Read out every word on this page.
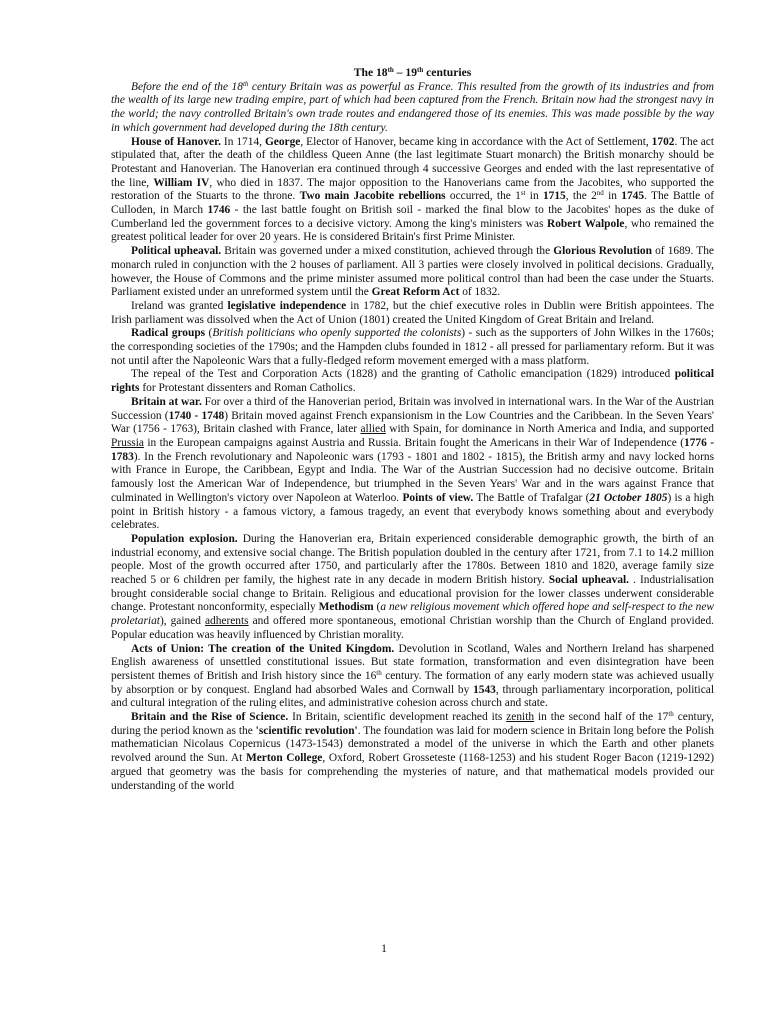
The 18th – 19th centuries

Before the end of the 18th century Britain was as powerful as France. This resulted from the growth of its industries and from the wealth of its large new trading empire, part of which had been captured from the French. Britain now had the strongest navy in the world; the navy controlled Britain's own trade routes and endangered those of its enemies. This was made possible by the way in which government had developed during the 18th century.

House of Hanover. In 1714, George, Elector of Hanover, became king in accordance with the Act of Settlement, 1702. The act stipulated that, after the death of the childless Queen Anne (the last legitimate Stuart monarch) the British monarchy should be Protestant and Hanoverian. The Hanoverian era continued through 4 successive Georges and ended with the last representative of the line, William IV, who died in 1837. The major opposition to the Hanoverians came from the Jacobites, who supported the restoration of the Stuarts to the throne. Two main Jacobite rebellions occurred, the 1st in 1715, the 2nd in 1745. The Battle of Culloden, in March 1746 - the last battle fought on British soil - marked the final blow to the Jacobites' hopes as the duke of Cumberland led the government forces to a decisive victory. Among the king's ministers was Robert Walpole, who remained the greatest political leader for over 20 years. He is considered Britain's first Prime Minister.

Political upheaval. Britain was governed under a mixed constitution, achieved through the Glorious Revolution of 1689. The monarch ruled in conjunction with the 2 houses of parliament. All 3 parties were closely involved in political decisions. Gradually, however, the House of Commons and the prime minister assumed more political control than had been the case under the Stuarts. Parliament existed under an unreformed system until the Great Reform Act of 1832.

Ireland was granted legislative independence in 1782, but the chief executive roles in Dublin were British appointees. The Irish parliament was dissolved when the Act of Union (1801) created the United Kingdom of Great Britain and Ireland.

Radical groups (British politicians who openly supported the colonists) - such as the supporters of John Wilkes in the 1760s; the corresponding societies of the 1790s; and the Hampden clubs founded in 1812 - all pressed for parliamentary reform. But it was not until after the Napoleonic Wars that a fully-fledged reform movement emerged with a mass platform.

The repeal of the Test and Corporation Acts (1828) and the granting of Catholic emancipation (1829) introduced political rights for Protestant dissenters and Roman Catholics.

Britain at war. For over a third of the Hanoverian period, Britain was involved in international wars. In the War of the Austrian Succession (1740 - 1748) Britain moved against French expansionism in the Low Countries and the Caribbean. In the Seven Years' War (1756 - 1763), Britain clashed with France, later allied with Spain, for dominance in North America and India, and supported Prussia in the European campaigns against Austria and Russia. Britain fought the Americans in their War of Independence (1776 - 1783). In the French revolutionary and Napoleonic wars (1793 - 1801 and 1802 - 1815), the British army and navy locked horns with France in Europe, the Caribbean, Egypt and India. The War of the Austrian Succession had no decisive outcome. Britain famously lost the American War of Independence, but triumphed in the Seven Years' War and in the wars against France that culminated in Wellington's victory over Napoleon at Waterloo. Points of view. The Battle of Trafalgar (21 October 1805) is a high point in British history - a famous victory, a famous tragedy, an event that everybody knows something about and everybody celebrates.

Population explosion. During the Hanoverian era, Britain experienced considerable demographic growth, the birth of an industrial economy, and extensive social change. The British population doubled in the century after 1721, from 7.1 to 14.2 million people. Most of the growth occurred after 1750, and particularly after the 1780s. Between 1810 and 1820, average family size reached 5 or 6 children per family, the highest rate in any decade in modern British history. Social upheaval. . Industrialisation brought considerable social change to Britain. Religious and educational provision for the lower classes underwent considerable change. Protestant nonconformity, especially Methodism (a new religious movement which offered hope and self-respect to the new proletariat), gained adherents and offered more spontaneous, emotional Christian worship than the Church of England provided. Popular education was heavily influenced by Christian morality.

Acts of Union: The creation of the United Kingdom. Devolution in Scotland, Wales and Northern Ireland has sharpened English awareness of unsettled constitutional issues. But state formation, transformation and even disintegration have been persistent themes of British and Irish history since the 16th century. The formation of any early modern state was achieved usually by absorption or by conquest. England had absorbed Wales and Cornwall by 1543, through parliamentary incorporation, political and cultural integration of the ruling elites, and administrative cohesion across church and state.

Britain and the Rise of Science. In Britain, scientific development reached its zenith in the second half of the 17th century, during the period known as the 'scientific revolution'. The foundation was laid for modern science in Britain long before the Polish mathematician Nicolaus Copernicus (1473-1543) demonstrated a model of the universe in which the Earth and other planets revolved around the Sun. At Merton College, Oxford, Robert Grosseteste (1168-1253) and his student Roger Bacon (1219-1292) argued that geometry was the basis for comprehending the mysteries of nature, and that mathematical models provided our understanding of the world

1
